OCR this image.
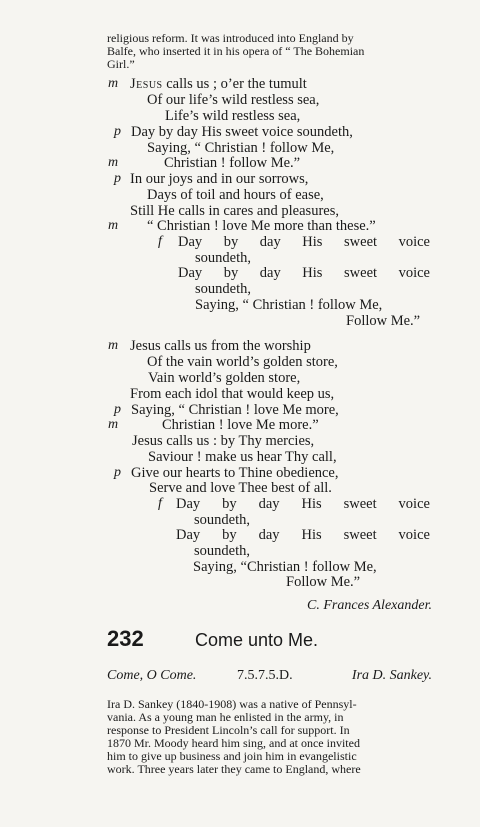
religious reform. It was introduced into England by
Balfe, who inserted it in his opera of “ The Bohemian
Girl.”
m Jesus calls us ; o’er the tumult
Of our life’s wild restless sea,
Life’s wild restless sea,
p Day by day His sweet voice soundeth,
Saying, “ Christian ! follow Me,
m	Christian ! follow Me.”
p In our joys and in our sorrows,
Days of toil and hours of ease,
Still He calls in cares and pleasures,
m “ Christian ! love Me more than these.”
f Day by day His sweet voice
soundeth,
Day by day His sweet voice
soundeth,
Saying, “ Christian ! follow Me,
Follow Me.”
m Jesus calls us from the worship
Of the vain world’s golden store,
Vain world’s golden store,
From each idol that would keep us,
p Saying, “ Christian ! love Me more,
m	Christian ! love Me more.”
Jesus calls us : by Thy mercies,
Saviour ! make us hear Thy call,
p Give our hearts to Thine obedience,
Serve and love Thee best of all.
f Day by day His sweet voice
soundeth,
Day by day His sweet voice
soundeth,
Saying, “Christian ! follow Me,
Follow Me.”
C. Frances Alexander.
232	Come unto Me.
Come, O Come.	7.5.7.5.D.	Ira D. Sankey.
Ira D. Sankey (1840-1908) was a native of Pennsyl-
vania. As a young man he enlisted in the army, in
response to President Lincoln’s call for support. In
1870 Mr. Moody heard him sing, and at once invited
him to give up business and join him in evangelistic
work. Three years later they came to England, where
